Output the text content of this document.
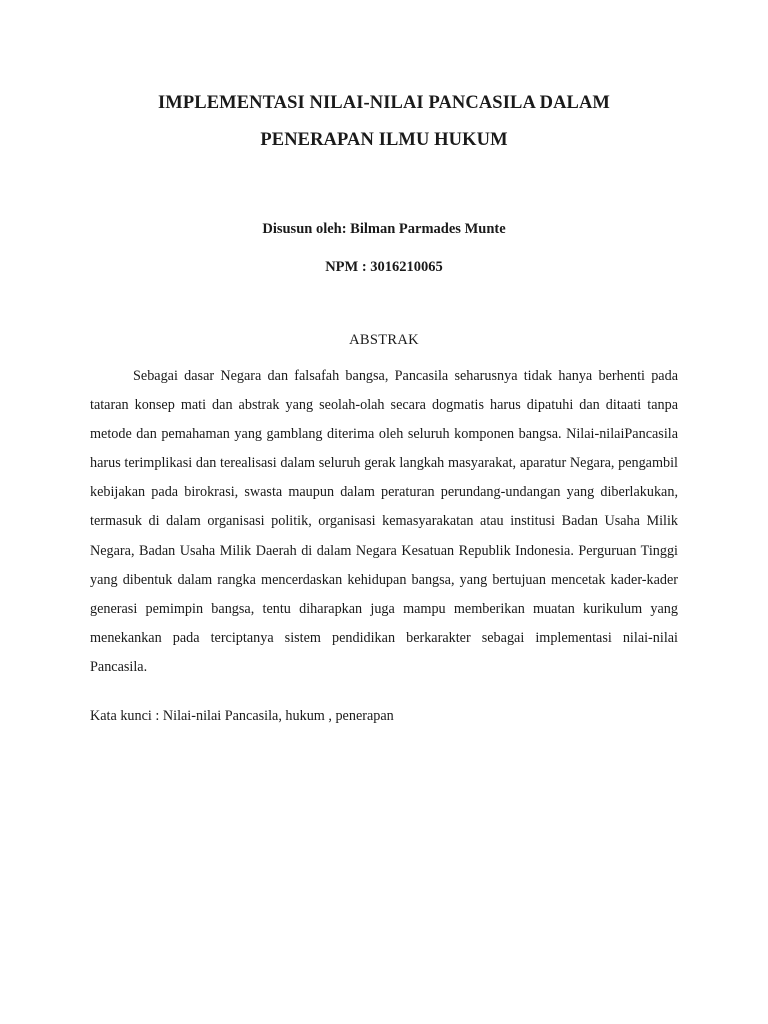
IMPLEMENTASI NILAI-NILAI PANCASILA DALAM
PENERAPAN ILMU HUKUM
Disusun oleh: Bilman Parmades Munte
NPM : 3016210065
ABSTRAK

Sebagai dasar Negara dan falsafah bangsa, Pancasila seharusnya tidak hanya berhenti pada tataran konsep mati dan abstrak yang seolah-olah secara dogmatis harus dipatuhi dan ditaati tanpa metode dan pemahaman yang gamblang diterima oleh seluruh komponen bangsa. Nilai-nilaiPancasila harus terimplikasi dan terealisasi dalam seluruh gerak langkah masyarakat, aparatur Negara, pengambil kebijakan pada birokrasi, swasta maupun dalam peraturan perundang-undangan yang diberlakukan, termasuk di dalam organisasi politik, organisasi kemasyarakatan atau institusi Badan Usaha Milik Negara, Badan Usaha Milik Daerah di dalam Negara Kesatuan Republik Indonesia. Perguruan Tinggi yang dibentuk dalam rangka mencerdaskan kehidupan bangsa, yang bertujuan mencetak kader-kader generasi pemimpin bangsa, tentu diharapkan juga mampu memberikan muatan kurikulum yang menekankan pada terciptanya sistem pendidikan berkarakter sebagai implementasi nilai-nilai Pancasila.

Kata kunci : Nilai-nilai Pancasila, hukum , penerapan
